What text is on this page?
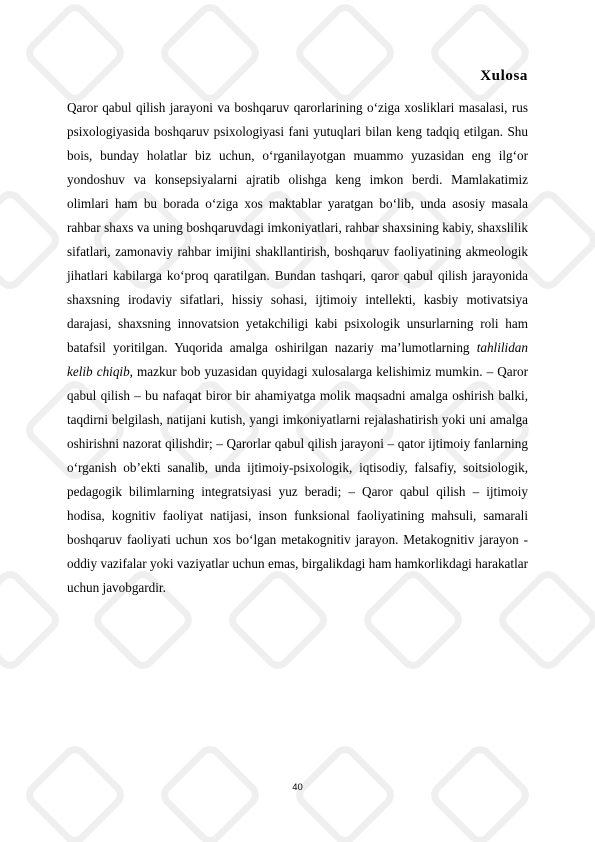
Xulosa

Qaror qabul qilish jarayoni va boshqaruv qarorlarining o‘ziga xosliklari masalasi, rus psixologiyasida boshqaruv psixologiyasi fani yutuqlari bilan keng tadqiq etilgan. Shu bois, bunday holatlar biz uchun, o‘rganilayotgan muammo yuzasidan eng ilg‘or yondoshuv va konsepsiyalarni ajratib olishga keng imkon berdi. Mamlakatimiz olimlari ham bu borada o‘ziga xos maktablar yaratgan bo‘lib, unda asosiy masala rahbar shaxs va uning boshqaruvdagi imkoniyatlari, rahbar shaxsining kabiy, shaxslilik sifatlari, zamonaviy rahbar imijini shakllantirish, boshqaruv faoliyatining akmeologik jihatlari kabilarga ko‘proq qaratilgan. Bundan tashqari, qaror qabul qilish jarayonida shaxsning irodaviy sifatlari, hissiy sohasi, ijtimoiy intellekti, kasbiy motivatsiya darajasi, shaxsning innovatsion yetakchiligi kabi psixologik unsurlarning roli ham batafsil yoritilgan. Yuqorida amalga oshirilgan nazariy ma’lumotlarning tahlilidan kelib chiqib, mazkur bob yuzasidan quyidagi xulosalarga kelishimiz mumkin. – Qaror qabul qilish – bu nafaqat biror bir ahamiyatga molik maqsadni amalga oshirish balki, taqdirni belgilash, natijani kutish, yangi imkoniyatlarni rejalashatirish yoki uni amalga oshirishni nazorat qilishdir; – Qarorlar qabul qilish jarayoni – qator ijtimoiy fanlarning o‘rganish ob’ekti sanalib, unda ijtimoiy-psixologik, iqtisodiy, falsafiy, soitsiologik, pedagogik bilimlarning integratsiyasi yuz beradi; – Qaror qabul qilish – ijtimoiy hodisa, kognitiv faoliyat natijasi, inson funksional faoliyatining mahsuli, samarali boshqaruv faoliyati uchun xos bo‘lgan metakognitiv jarayon. Metakognitiv jarayon - oddiy vazifalar yoki vaziyatlar uchun emas, birgalikdagi ham hamkorlikdagi harakatlar uchun javobgardir.

40
